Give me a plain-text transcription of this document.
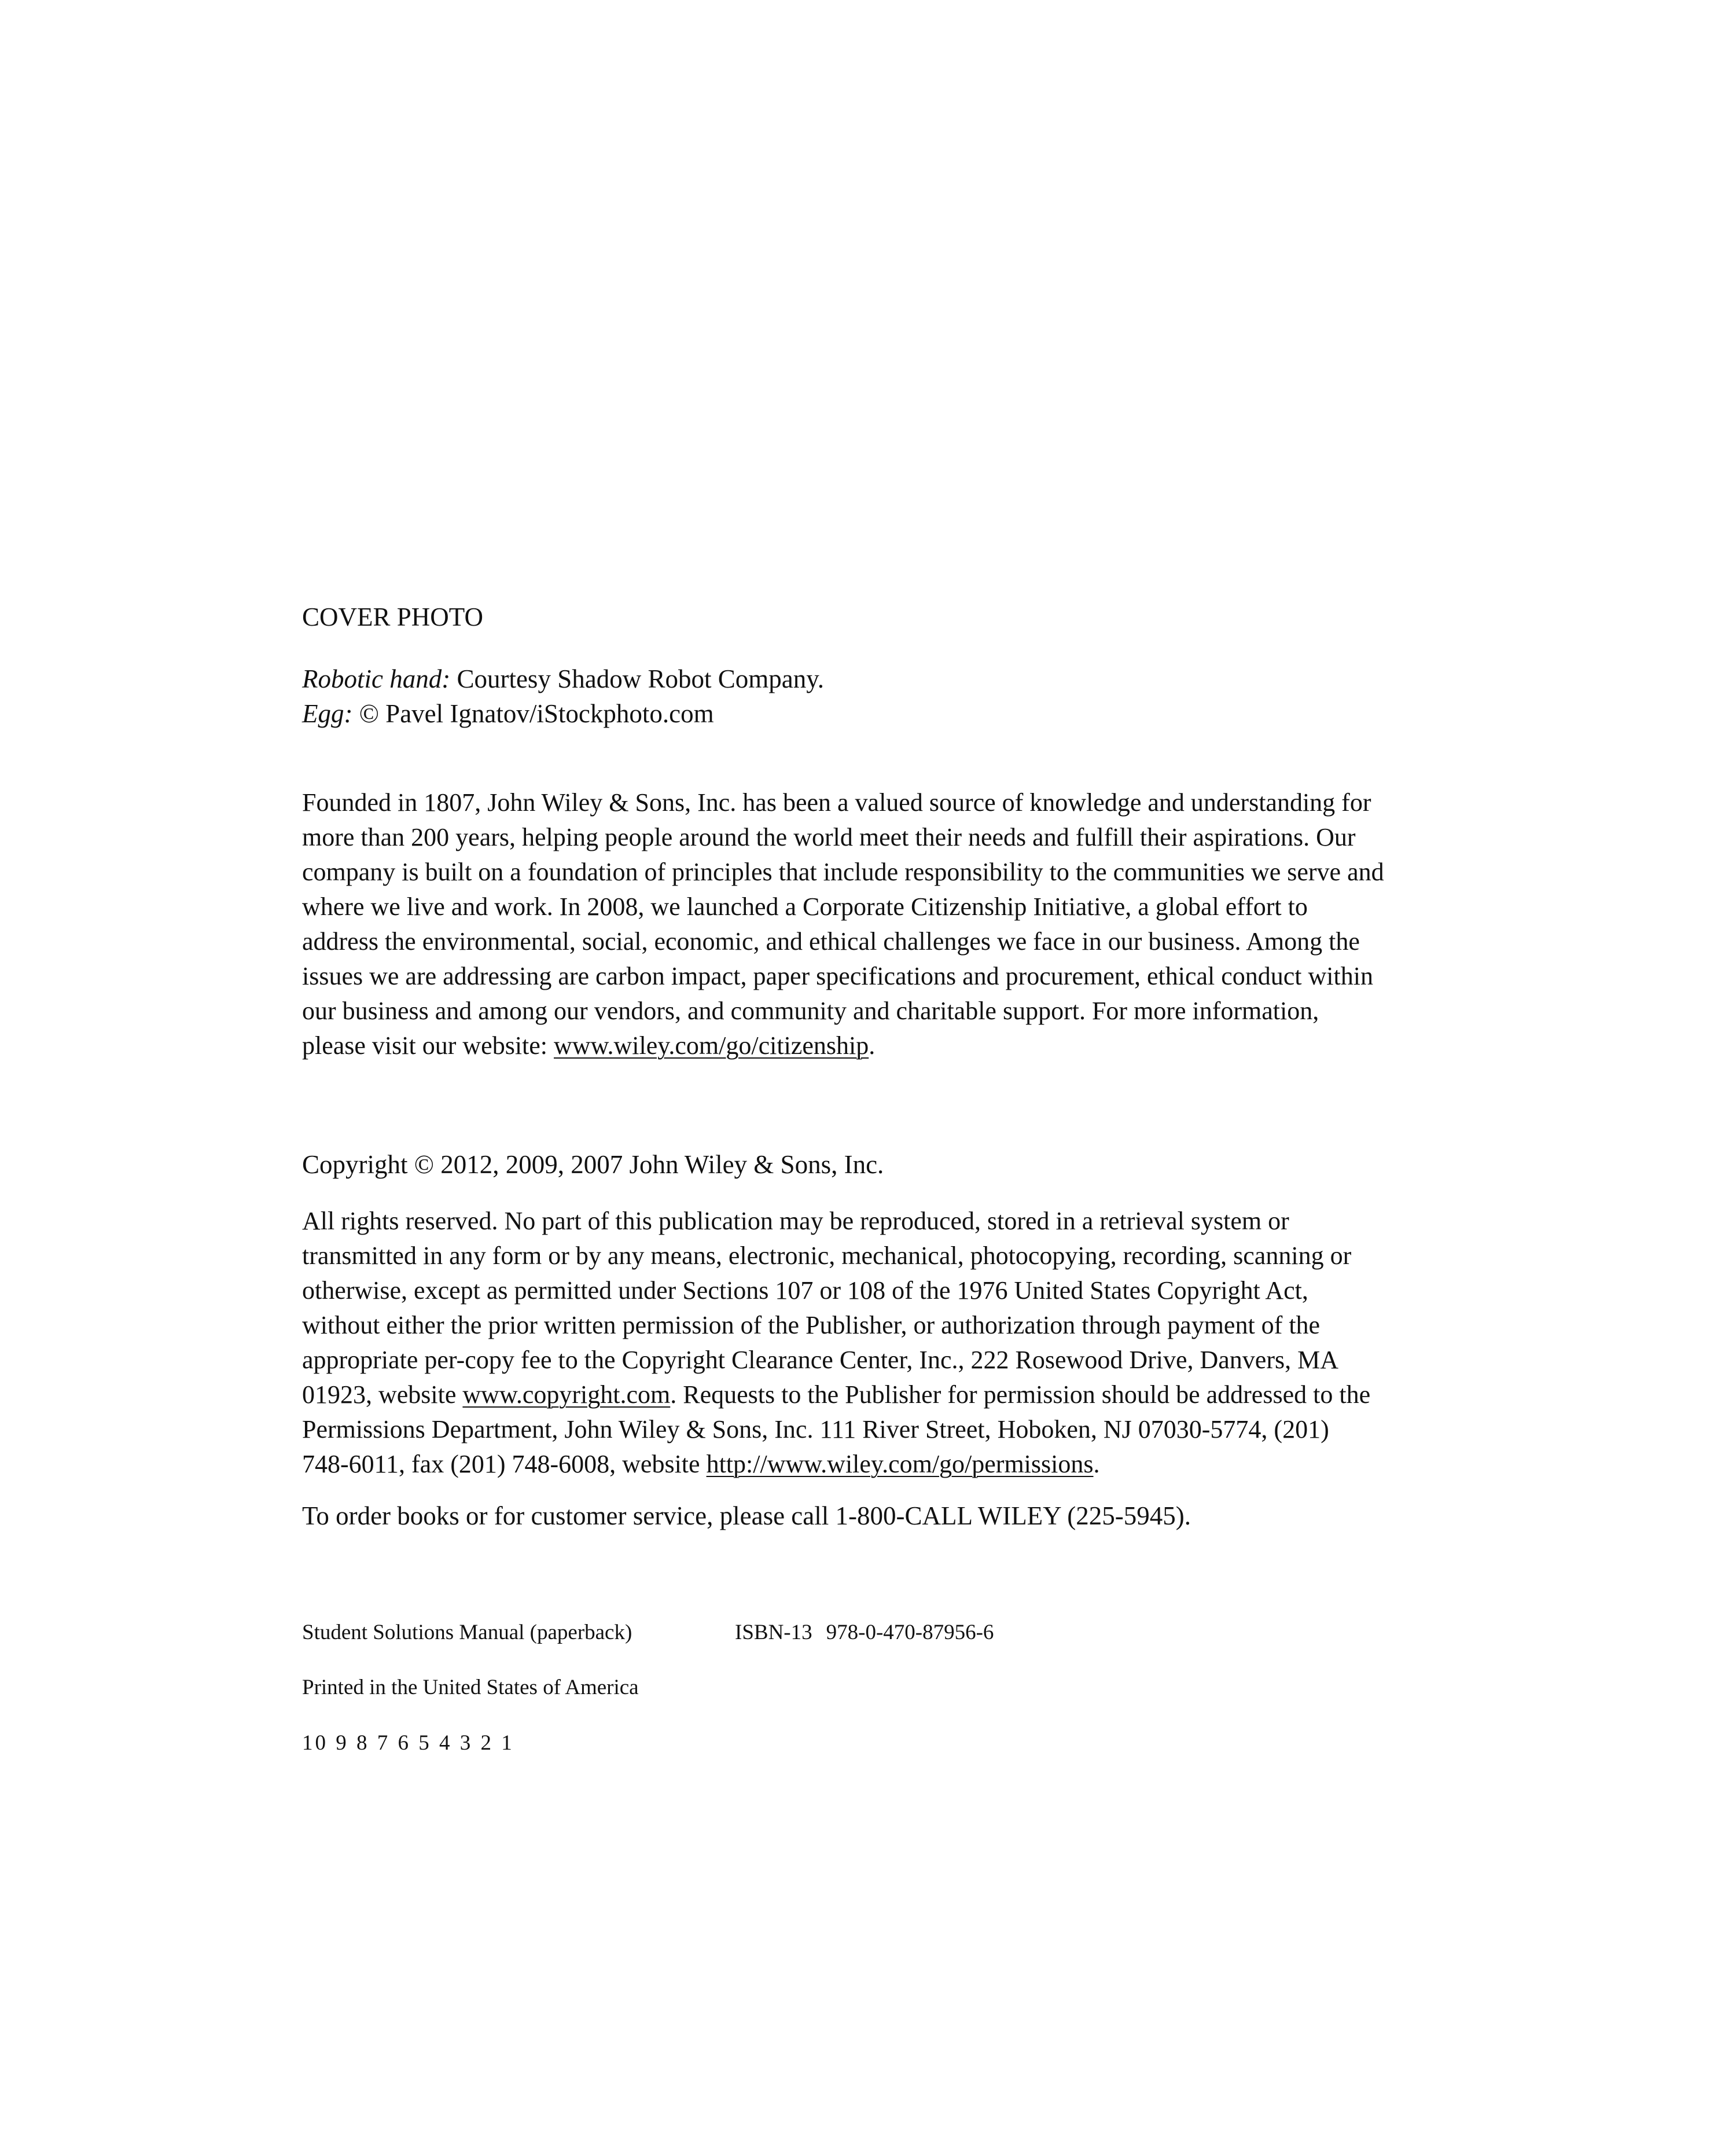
COVER PHOTO
Robotic hand: Courtesy Shadow Robot Company.
Egg: © Pavel Ignatov/iStockphoto.com
Founded in 1807, John Wiley & Sons, Inc. has been a valued source of knowledge and understanding for
more than 200 years, helping people around the world meet their needs and fulfill their aspirations. Our
company is built on a foundation of principles that include responsibility to the communities we serve and
where we live and work. In 2008, we launched a Corporate Citizenship Initiative, a global effort to
address the environmental, social, economic, and ethical challenges we face in our business. Among the
issues we are addressing are carbon impact, paper specifications and procurement, ethical conduct within
our business and among our vendors, and community and charitable support. For more information,
please visit our website: www.wiley.com/go/citizenship.
Copyright © 2012, 2009, 2007 John Wiley & Sons, Inc.
All rights reserved. No part of this publication may be reproduced, stored in a retrieval system or
transmitted in any form or by any means, electronic, mechanical, photocopying, recording, scanning or
otherwise, except as permitted under Sections 107 or 108 of the 1976 United States Copyright Act,
without either the prior written permission of the Publisher, or authorization through payment of the
appropriate per-copy fee to the Copyright Clearance Center, Inc., 222 Rosewood Drive, Danvers, MA
01923, website www.copyright.com. Requests to the Publisher for permission should be addressed to the
Permissions Department, John Wiley & Sons, Inc. 111 River Street, Hoboken, NJ 07030-5774, (201)
748-6011, fax (201) 748-6008, website http://www.wiley.com/go/permissions.
To order books or for customer service, please call 1-800-CALL WILEY (225-5945).
Student Solutions Manual (paperback)	ISBN-13 978-0-470-87956-6
Printed in the United States of America
10 9 8 7 6 5 4 3 2 1
